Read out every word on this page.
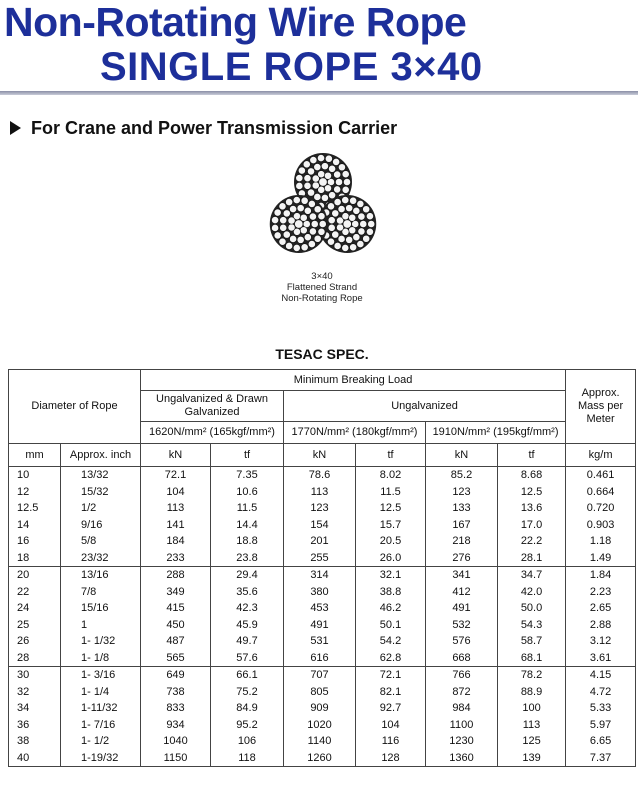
Non-Rotating Wire Rope
SINGLE ROPE 3×40
For Crane and Power Transmission Carrier
3×40
Flattened Strand
Non-Rotating Rope
TESAC SPEC.
Diameter of Rope		Minimum Breaking Load						Approx. Mass per Meter
		Ungalvanized & Drawn Galvanized		Ungalvanized				
		1620N/mm² (165kgf/mm²)		1770N/mm² (180kgf/mm²)		1910N/mm² (195kgf/mm²)		
mm	Approx. inch	kN	tf	kN	tf	kN	tf	kg/m
10	13/32	72.1	7.35	78.6	8.02	85.2	8.68	0.461
12	15/32	104	10.6	113	11.5	123	12.5	0.664
12.5	1/2	113	11.5	123	12.5	133	13.6	0.720
14	9/16	141	14.4	154	15.7	167	17.0	0.903
16	5/8	184	18.8	201	20.5	218	22.2	1.18
18	23/32	233	23.8	255	26.0	276	28.1	1.49
20	13/16	288	29.4	314	32.1	341	34.7	1.84
22	7/8	349	35.6	380	38.8	412	42.0	2.23
24	15/16	415	42.3	453	46.2	491	50.0	2.65
25	1	450	45.9	491	50.1	532	54.3	2.88
26	1- 1/32	487	49.7	531	54.2	576	58.7	3.12
28	1- 1/8	565	57.6	616	62.8	668	68.1	3.61
30	1- 3/16	649	66.1	707	72.1	766	78.2	4.15
32	1- 1/4	738	75.2	805	82.1	872	88.9	4.72
34	1-11/32	833	84.9	909	92.7	984	100	5.33
36	1- 7/16	934	95.2	1020	104	1100	113	5.97
38	1- 1/2	1040	106	1140	116	1230	125	6.65
40	1-19/32	1150	118	1260	128	1360	139	7.37
